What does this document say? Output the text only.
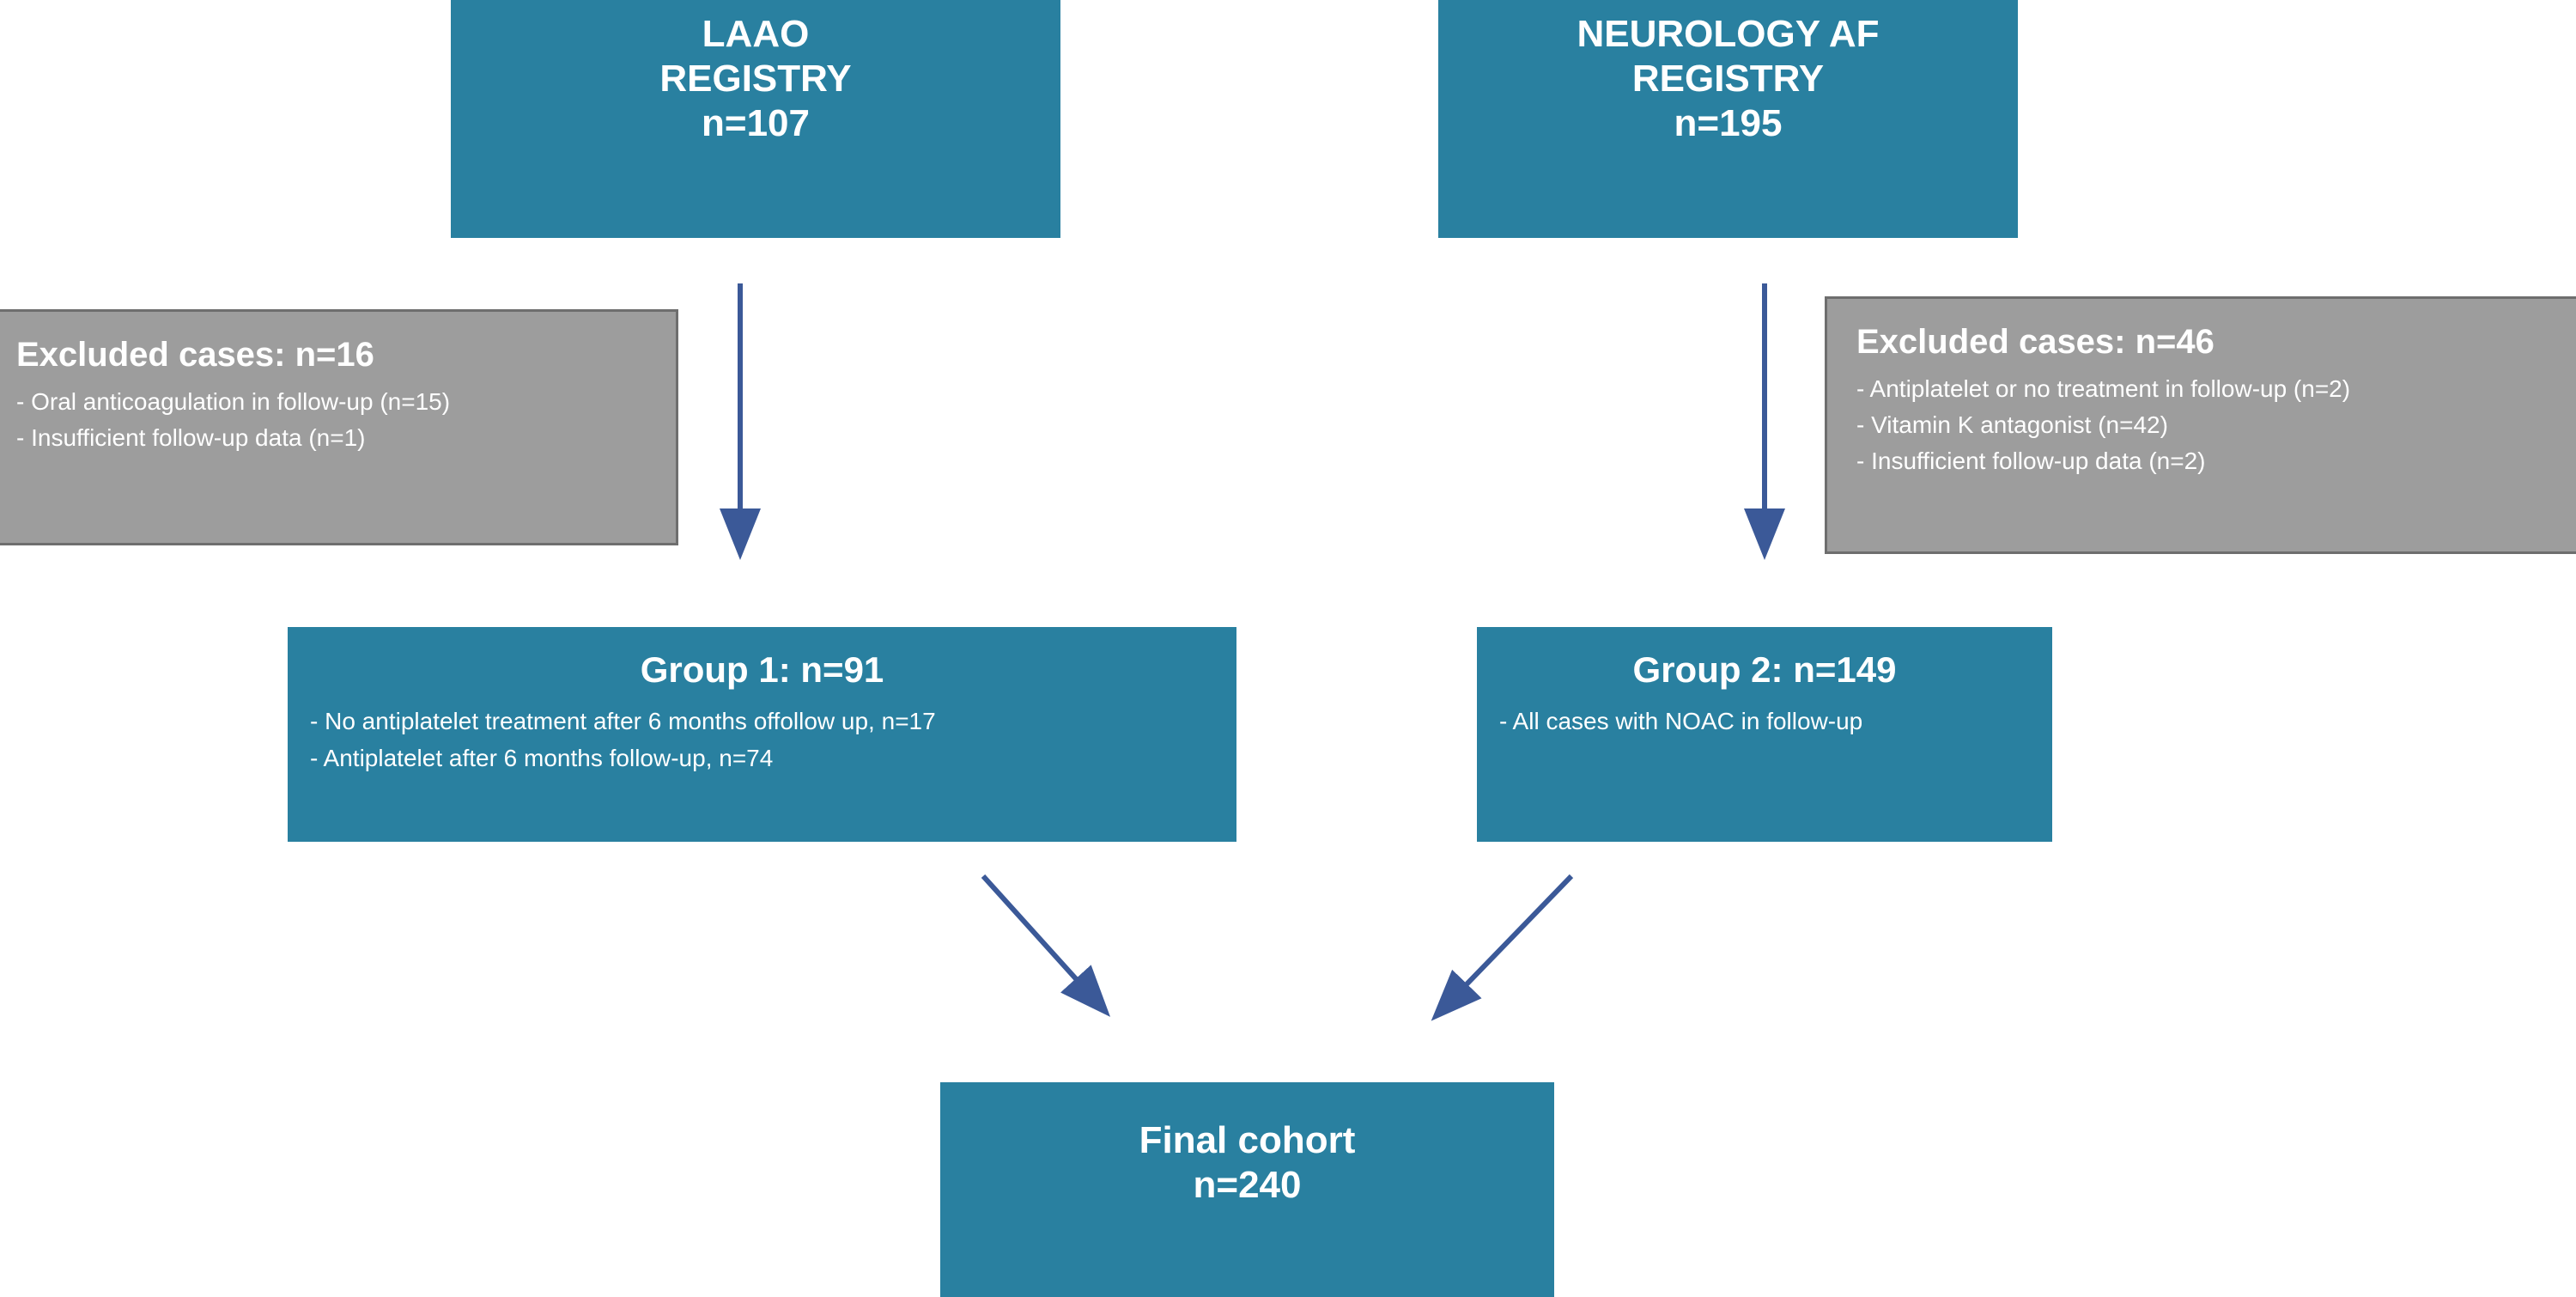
LAAO
REGISTRY
n=107
NEUROLOGY AF
REGISTRY
n=195
Excluded cases: n=16
- Oral anticoagulation in follow-up (n=15)
- Insufficient follow-up data (n=1)
Excluded cases: n=46
- Antiplatelet or no treatment in follow-up (n=2)
- Vitamin K antagonist (n=42)
- Insufficient follow-up data (n=2)
Group 1: n=91
- No antiplatelet treatment after 6 months offollow up, n=17
- Antiplatelet after 6 months follow-up, n=74
Group 2: n=149
- All cases with NOAC in follow-up
Final cohort
n=240
